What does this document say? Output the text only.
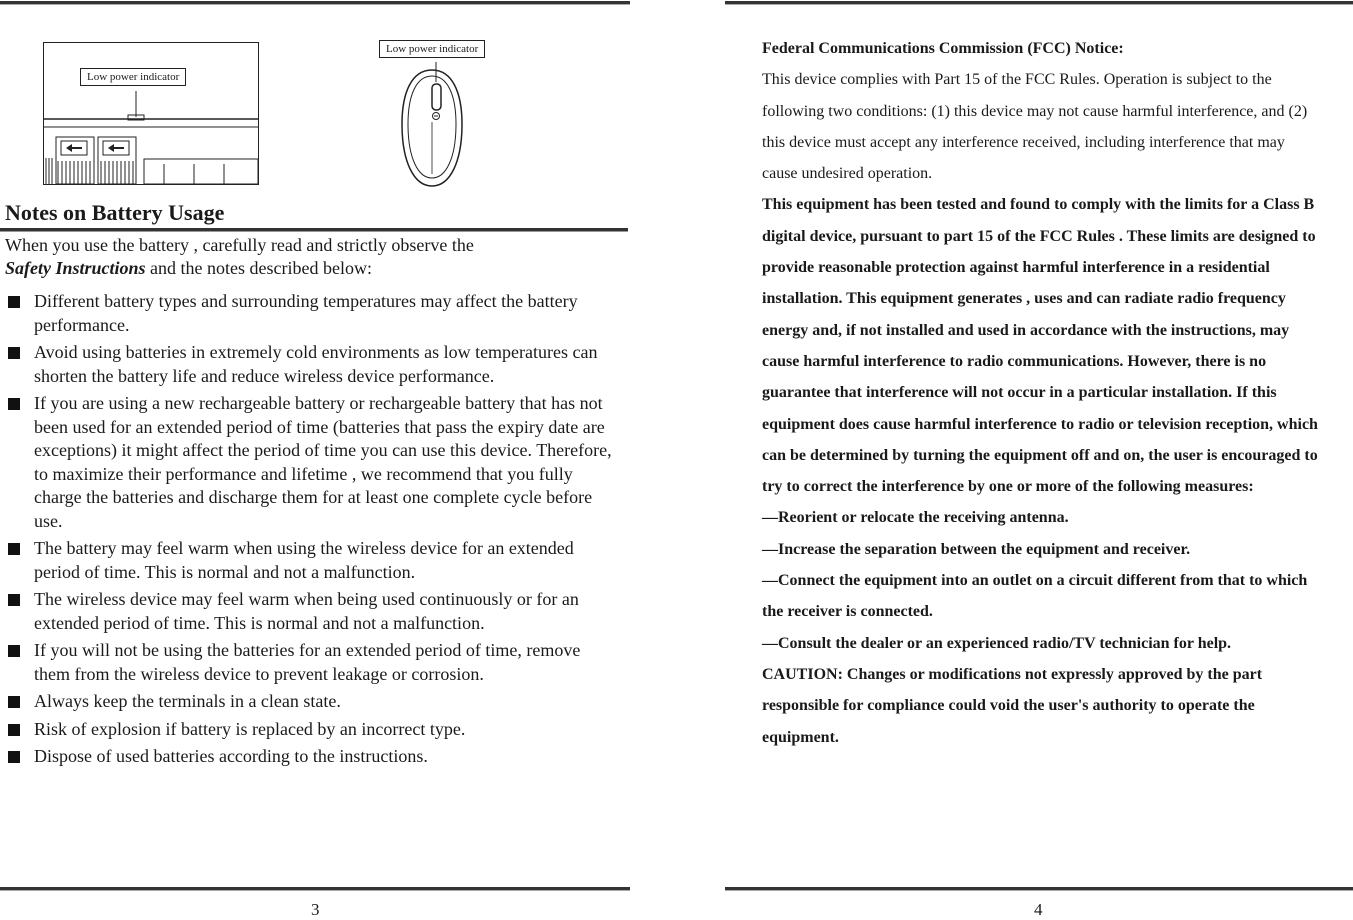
Low power indicator
Low power indicator
Notes on Battery Usage
When you use the battery , carefully read and strictly observe the
Safety Instructions and the notes described below:
Different battery types and surrounding temperatures may affect the battery performance.
Avoid using batteries in extremely cold environments as low temperatures can shorten the battery life and reduce wireless device performance.
If you are using a new rechargeable battery or rechargeable battery that has not been used for an extended period of time (batteries that pass the expiry date are exceptions) it might affect the period of time you can use this device. Therefore, to maximize their performance and lifetime , we recommend that you fully charge the batteries and discharge them for at least one complete cycle before use.
The battery may feel warm when using the wireless device for an extended period of time. This is normal and not a malfunction.
The wireless device may feel warm when being used continuously or for an extended period of time. This is normal and not a malfunction.
If you will not be using the batteries for an extended period of time, remove them from the wireless device to prevent leakage or corrosion.
Always keep the terminals in a clean state.
Risk of explosion if battery is replaced by an incorrect type.
Dispose of used batteries according to the instructions.

Federal Communications Commission (FCC) Notice:

This device complies with Part 15 of the FCC Rules. Operation is subject to the following two conditions: (1) this device may not cause harmful interference, and (2) this device must accept any interference received, including interference that may cause undesired operation.

This equipment has been tested and found to comply with the limits for a Class B digital device, pursuant to part 15 of the FCC Rules . These limits are designed to provide reasonable protection against harmful interference in a residential installation. This equipment generates , uses and can radiate radio frequency energy and, if not installed and used in accordance with the instructions, may cause harmful interference to radio communications. However, there is no guarantee that interference will not occur in a particular installation. If this equipment does cause harmful interference to radio or television reception, which can be determined by turning the equipment off and on, the user is encouraged to try to correct the interference by one or more of the following measures:

—Reorient or relocate the receiving antenna.

—Increase the separation between the equipment and receiver.

—Connect the equipment into an outlet on a circuit different from that to which the receiver is connected.

—Consult the dealer or an experienced radio/TV technician for help.

CAUTION: Changes or modifications not expressly approved by the part responsible for compliance could void the user's authority to operate the equipment.

3	4
